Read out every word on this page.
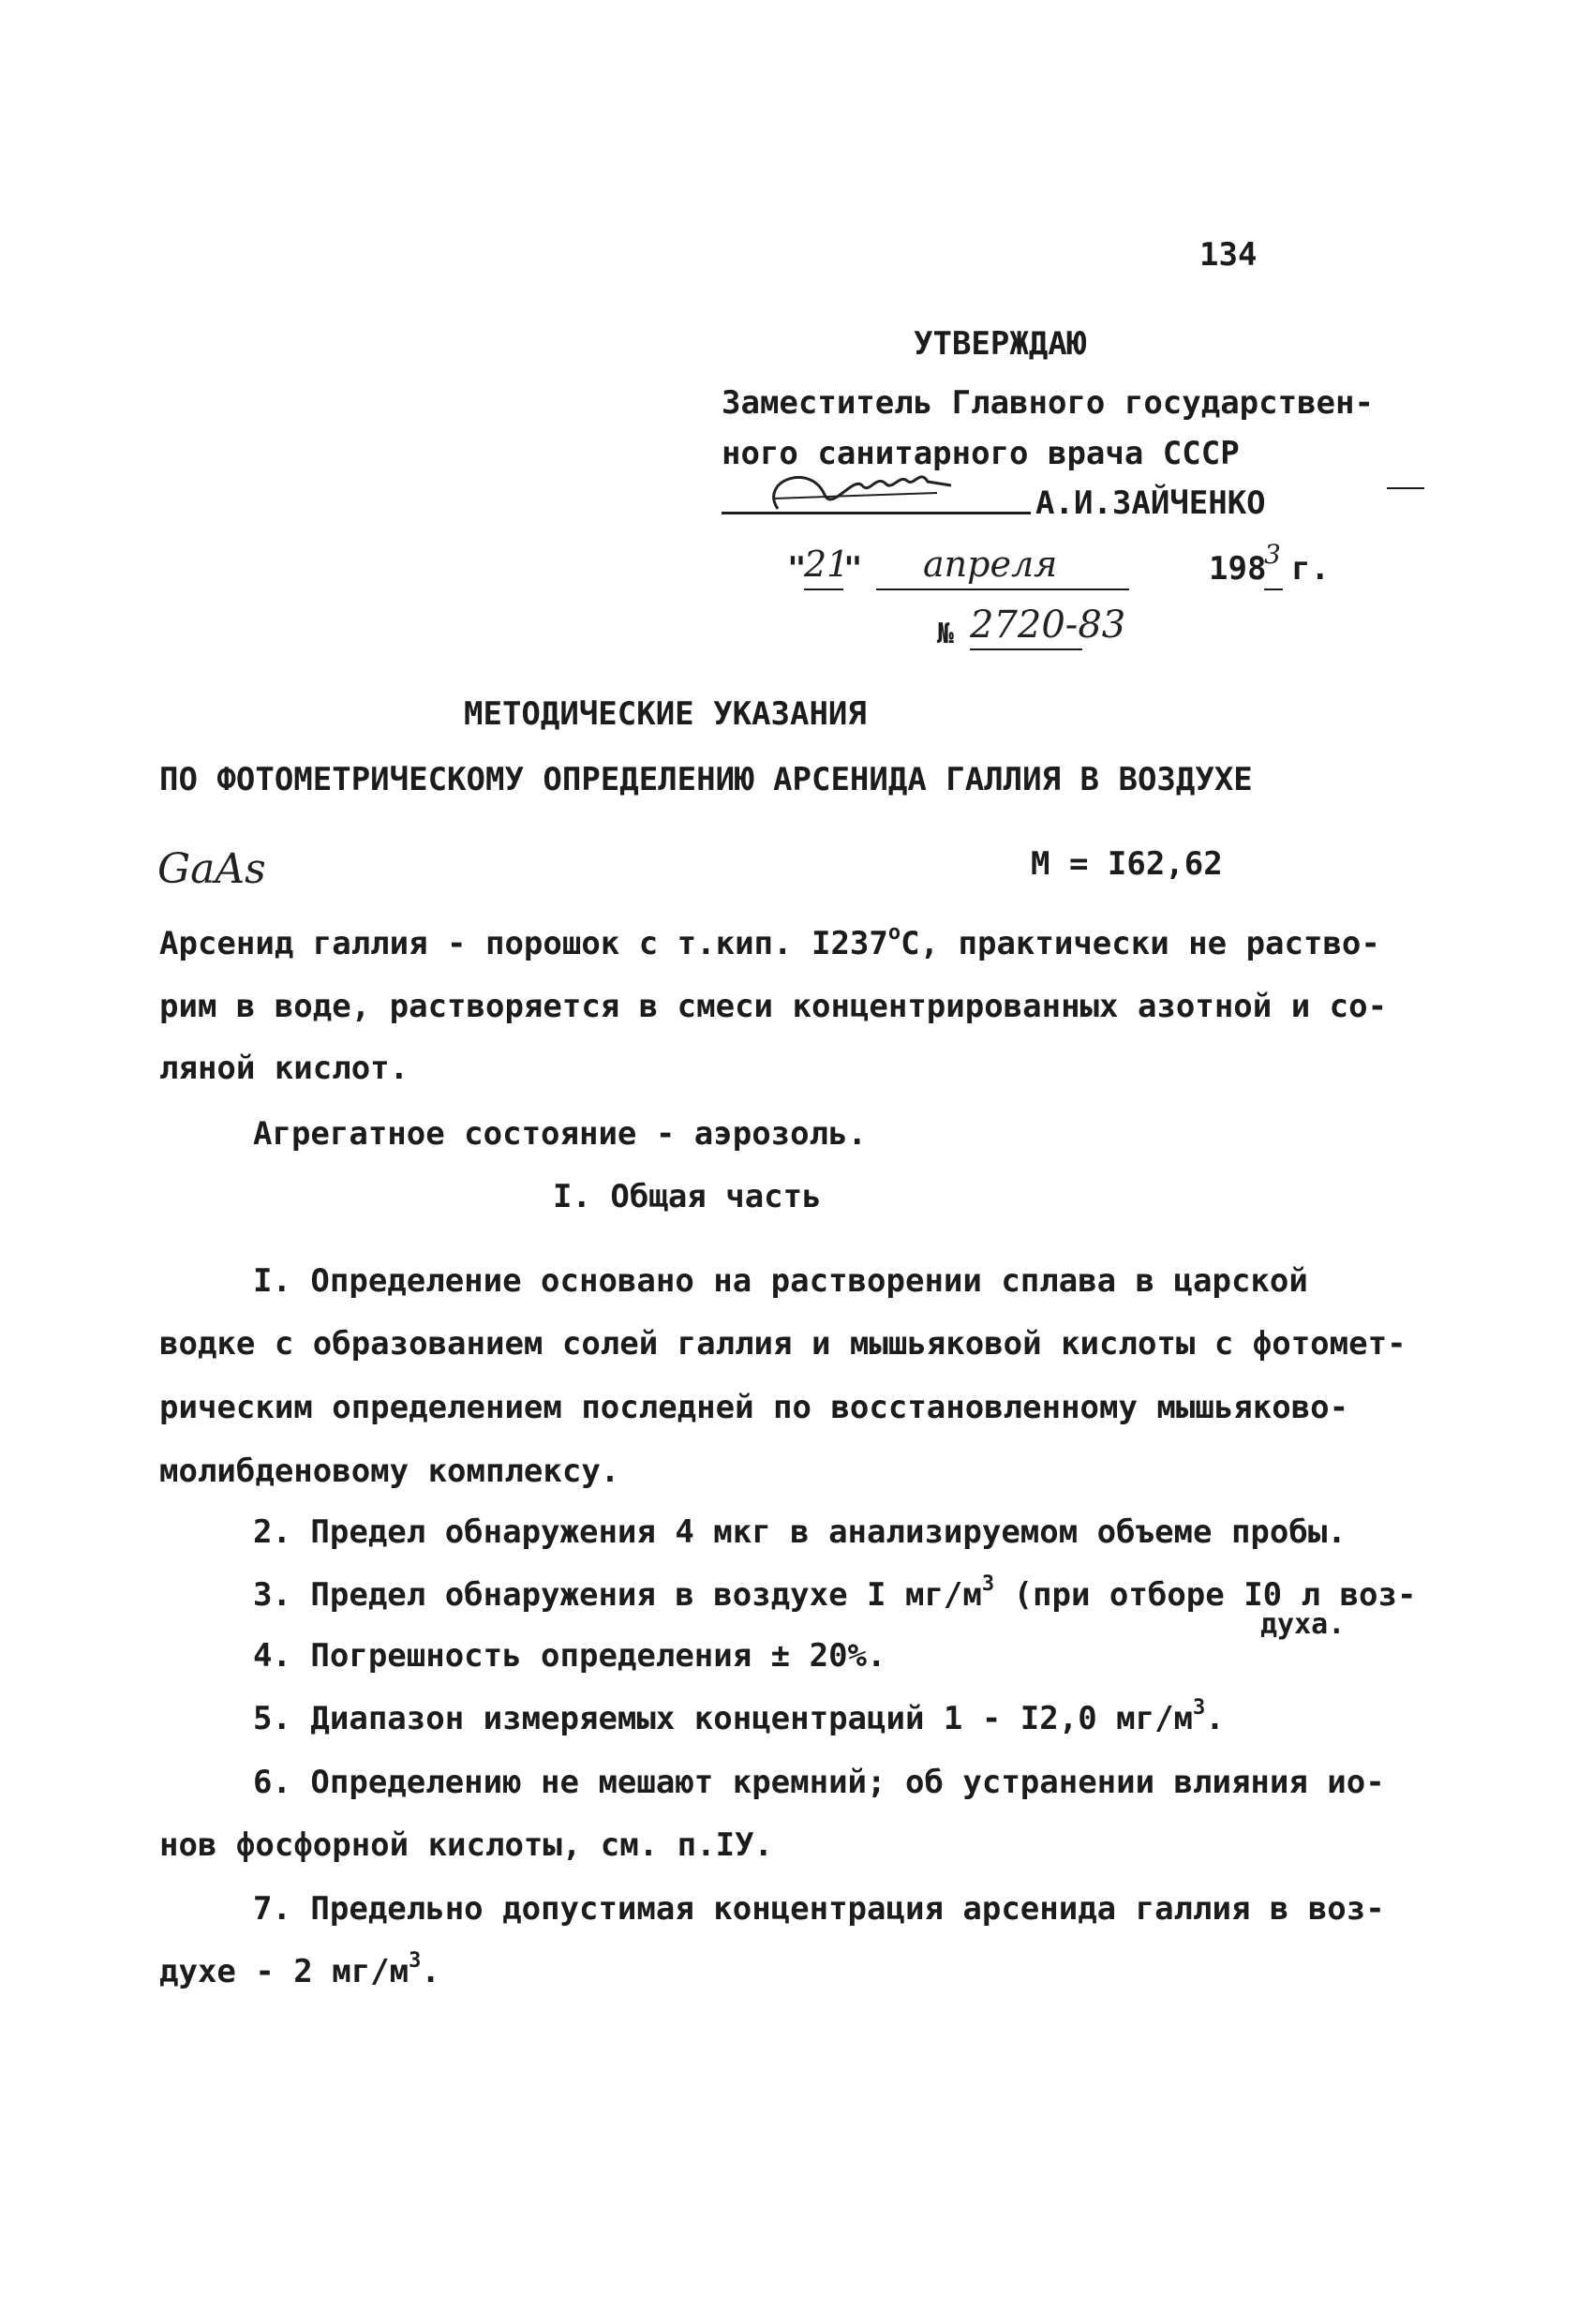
134
УТВЕРЖДАЮ
Заместитель Главного государствен-
ного санитарного врача СССР
А.И.ЗАЙЧЕНКО
"
21
" апреля	198
3 г.
№ 2720-83
МЕТОДИЧЕСКИЕ УКАЗАНИЯ
ПО ФОТОМЕТРИЧЕСКОМУ ОПРЕДЕЛЕНИЮ АРСЕНИДА ГАЛЛИЯ В ВОЗДУХЕ
GaAs	М = I62,62
Арсенид галлия - порошок с т.кип. $I237^оС$, практически не раство-
рим в воде, растворяется в смеси концентрированных азотной и со-
ляной кислот.
Агрегатное состояние - аэрозоль.
I. Общая часть
I. Определение основано на растворении сплава в царской
водке с образованием солей галлия и мышьяковой кислоты с фотомет-
рическим определением последней по восстановленному мышьяково-
молибденовому комплексу.
2. Предел обнаружения 4 мкг в анализируемом объеме пробы.
3. Предел обнаружения в воздухе I $мг/м^3$ (при отборе I0 л воз-
духа.
4. Погрешность определения ± 20%.
5. Диапазон измеряемых концентраций 1 - I2,0 $мг/м^3$.
6. Определению не мешают кремний; об устранении влияния ио-
нов фосфорной кислоты, см. п.IУ.
7. Предельно допустимая концентрация арсенида галлия в воз-
духе - 2 $мг/м^3$.
